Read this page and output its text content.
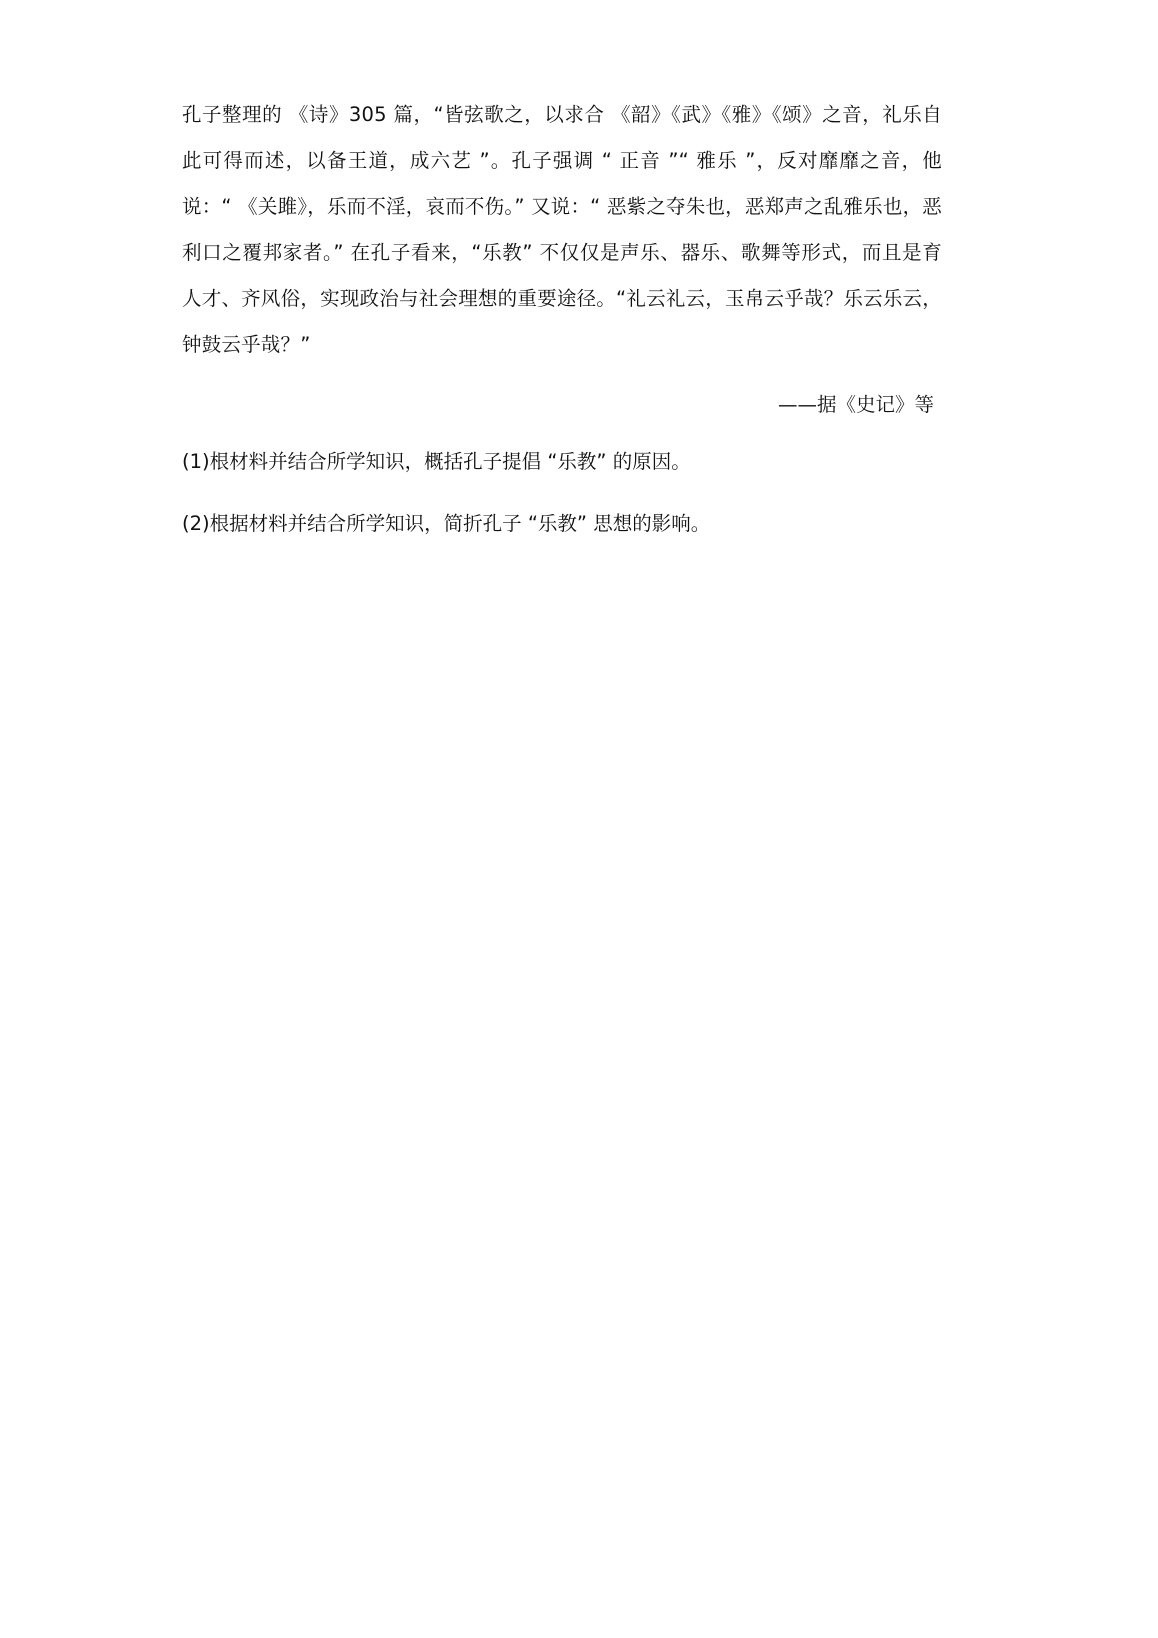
孔子整理的 《诗》305 篇，“皆弦歌之，以求合 《韶》《武》《雅》《颂》之音，礼乐自此可得而述，以备王道，成六艺 ”。孔子强调 “ 正音 ”“ 雅乐 ”，反对靡靡之音，他说：“ 《关雎》，乐而不淫，哀而不伤。” 又说：“ 恶紫之夺朱也，恶郑声之乱雅乐也，恶利口之覆邦家者。” 在孔子看来，“乐教” 不仅仅是声乐、器乐、歌舞等形式，而且是育人才、齐风俗，实现政治与社会理想的重要途径。“礼云礼云，玉帛云乎哉？乐云乐云，钟鼓云乎哉？”

——据《史记》等

(1)根材料并结合所学知识，概括孔子提倡 “乐教” 的原因。

(2)根据材料并结合所学知识，简折孔子 “乐教” 思想的影响。
